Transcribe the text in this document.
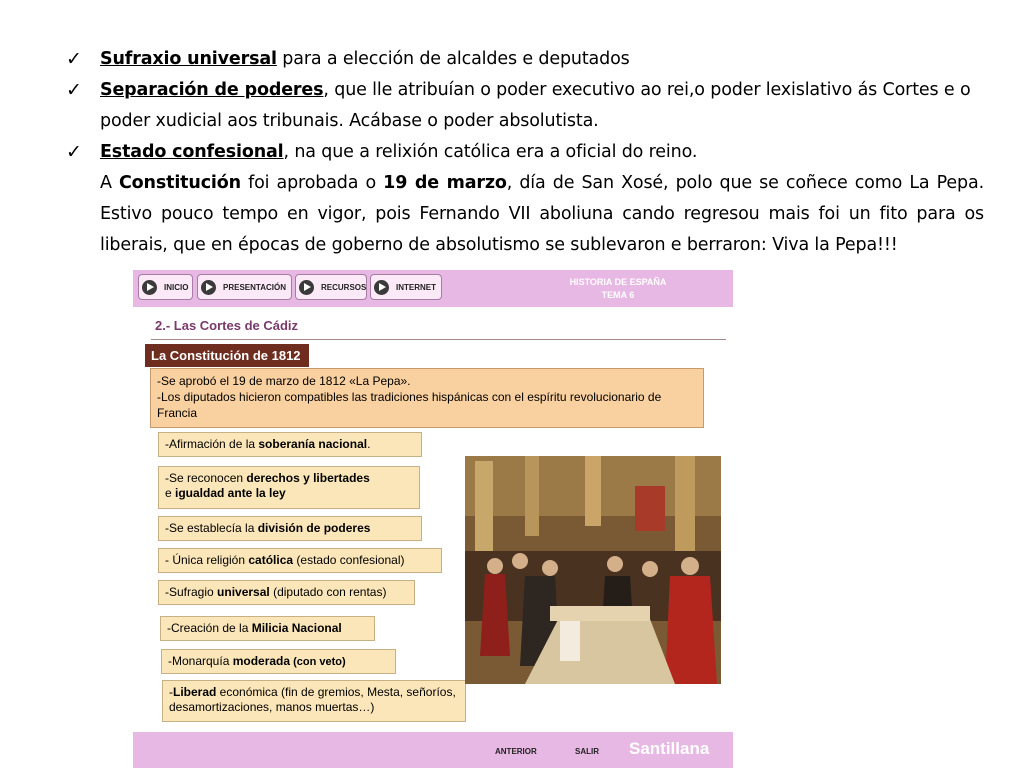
✓ Sufraxio universal para a elección de alcaldes e deputados
✓ Separación de poderes, que lle atribuían o poder executivo ao rei,o poder lexislativo ás Cortes e o poder xudicial aos tribunais. Acábase o poder absolutista.
✓ Estado confesional, na que a relixión católica era a oficial do reino.
A Constitución foi aprobada o 19 de marzo, día de San Xosé, polo que se coñece como La Pepa. Estivo pouco tempo en vigor, pois Fernando VII aboliuna cando regresou mais foi un fito para os liberais, que en épocas de goberno de absolutismo se sublevaron e berraron: Viva la Pepa!!!
INICIO	PRESENTACIÓN	RECURSOS	INTERNET	HISTORIA DE ESPAÑA
TEMA 6
2.- Las Cortes de Cádiz
La Constitución de 1812
-Se aprobó el 19 de marzo de 1812 «La Pepa».
-Los diputados hicieron compatibles las tradiciones hispánicas con el espíritu revolucionario de Francia
-Afirmación de la soberanía nacional.
-Se reconocen derechos y libertades
e igualdad ante la ley
-Se establecía la división de poderes
- Única religión católica (estado confesional)
-Sufragio universal (diputado con rentas)
-Creación de la Milicia Nacional
-Monarquía moderada (con veto)
-Liberad económica (fin de gremios, Mesta, señoríos, desamortizaciones, manos muertas…)
ANTERIOR	SALIR Santillana
